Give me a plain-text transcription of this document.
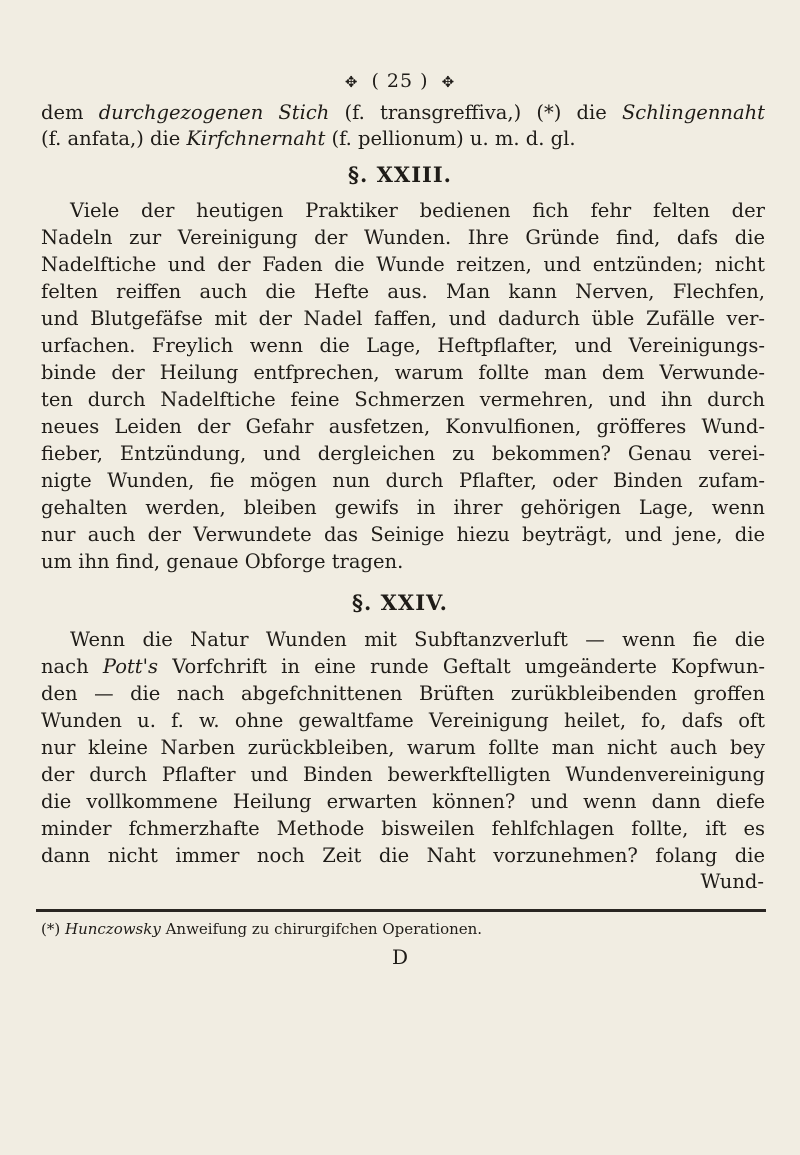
✥ ( 25 ) ✥
dem durchgezogenen Stich (f. transgreffiva,) (*) die Schlingennaht
(f. anfata,) die Kirfchnernaht (f. pellionum) u. m. d. gl.
§. XXIII.
Viele der heutigen Praktiker bedienen fich fehr felten der
Nadeln zur Vereinigung der Wunden. Ihre Gründe find, dafs die
Nadelftiche und der Faden die Wunde reitzen, und entzünden; nicht
felten reiffen auch die Hefte aus. Man kann Nerven, Flechfen,
und Blutgefäfse mit der Nadel faffen, und dadurch üble Zufälle ver-
urfachen. Freylich wenn die Lage, Heftpflafter, und Vereinigungs-
binde der Heilung entfprechen, warum follte man dem Verwunde-
ten durch Nadelftiche feine Schmerzen vermehren, und ihn durch
neues Leiden der Gefahr ausfetzen, Konvulfionen, gröfferes Wund-
fieber, Entzündung, und dergleichen zu bekommen? Genau verei-
nigte Wunden, fie mögen nun durch Pflafter, oder Binden zufam-
gehalten werden, bleiben gewifs in ihrer gehörigen Lage, wenn
nur auch der Verwundete das Seinige hiezu beyträgt, und jene, die
um ihn find, genaue Obforge tragen.
§. XXIV.
Wenn die Natur Wunden mit Subftanzverluft — wenn fie die
nach Pott's Vorfchrift in eine runde Geftalt umgeänderte Kopfwun-
den — die nach abgefchnittenen Brüften zurükbleibenden groffen
Wunden u. f. w. ohne gewaltfame Vereinigung heilet, fo, dafs oft
nur kleine Narben zurückbleiben, warum follte man nicht auch bey
der durch Pflafter und Binden bewerkftelligten Wundenvereinigung
die vollkommene Heilung erwarten können? und wenn dann diefe
minder fchmerzhafte Methode bisweilen fehlfchlagen follte, ift es
dann nicht immer noch Zeit die Naht vorzunehmen? folang die
Wund-
(*) Hunczowsky Anweifung zu chirurgifchen Operationen.
D
